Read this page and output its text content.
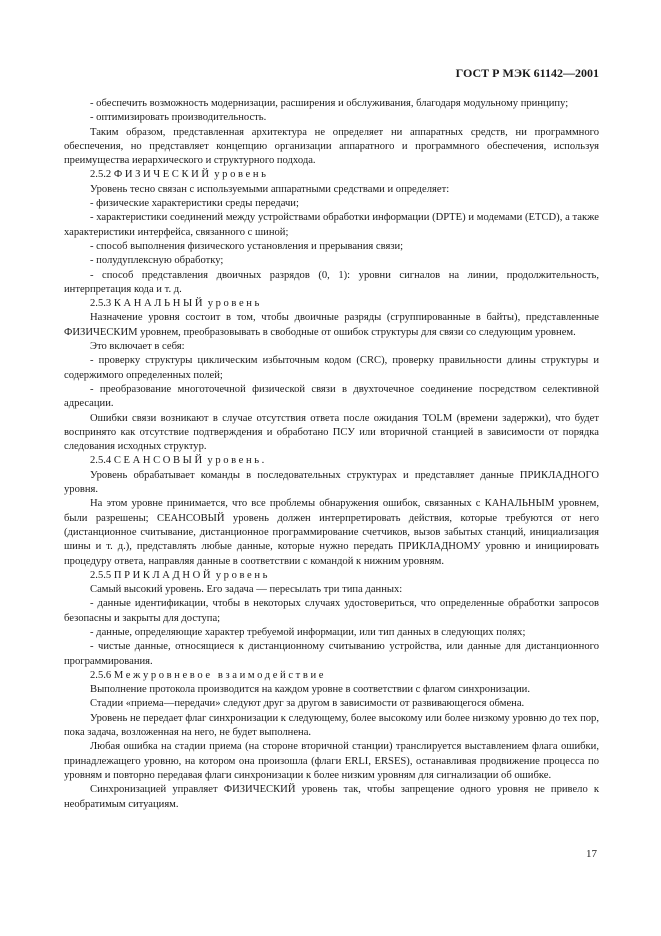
ГОСТ Р МЭК 61142—2001

- обеспечить возможность модернизации, расширения и обслуживания, благодаря модульному принципу;

- оптимизировать производительность.

Таким образом, представленная архитектура не определяет ни аппаратных средств, ни программного обеспечения, но представляет концепцию организации аппаратного и программного обеспечения, используя преимущества иерархического и структурного подхода.

2.5.2 ФИЗИЧЕСКИЙ уровень

Уровень тесно связан с используемыми аппаратными средствами и определяет:

- физические характеристики среды передачи;

- характеристики соединений между устройствами обработки информации (DPTE) и модемами (ETCD), а также характеристики интерфейса, связанного с шиной;

- способ выполнения физического установления и прерывания связи;

- полудуплексную обработку;

- способ представления двоичных разрядов (0, 1): уровни сигналов на линии, продолжительность, интерпретация кода и т. д.

2.5.3 КАНАЛЬНЫЙ уровень

Назначение уровня состоит в том, чтобы двоичные разряды (сгруппированные в байты), представленные ФИЗИЧЕСКИМ уровнем, преобразовывать в свободные от ошибок структуры для связи со следующим уровнем.

Это включает в себя:

- проверку структуры циклическим избыточным кодом (CRC), проверку правильности длины структуры и содержимого определенных полей;

- преобразование многоточечной физической связи в двухточечное соединение посредством селективной адресации.

Ошибки связи возникают в случае отсутствия ответа после ожидания TOLM (времени задержки), что будет воспринято как отсутствие подтверждения и обработано ПСУ или вторичной станцией в зависимости от порядка следования исходных структур.

2.5.4 СЕАНСОВЫЙ уровень.

Уровень обрабатывает команды в последовательных структурах и представляет данные ПРИКЛАДНОГО уровня.

На этом уровне принимается, что все проблемы обнаружения ошибок, связанных с КАНАЛЬНЫМ уровнем, были разрешены; СЕАНСОВЫЙ уровень должен интерпретировать действия, которые требуются от него (дистанционное считывание, дистанционное программирование счетчиков, вызов забытых станций, инициализация шины и т. д.), представлять любые данные, которые нужно передать ПРИКЛАДНОМУ уровню и инициировать процедуру ответа, направляя данные в соответствии с командой к нижним уровням.

2.5.5 ПРИКЛАДНОЙ уровень

Самый высокий уровень. Его задача — пересылать три типа данных:

- данные идентификации, чтобы в некоторых случаях удостовериться, что определенные обработки запросов безопасны и закрыты для доступа;

- данные, определяющие характер требуемой информации, или тип данных в следующих полях;

- чистые данные, относящиеся к дистанционному считыванию устройства, или данные для дистанционного программирования.

2.5.6 Межуровневое взаимодействие

Выполнение протокола производится на каждом уровне в соответствии с флагом синхронизации.

Стадии «приема—передачи» следуют друг за другом в зависимости от развивающегося обмена.

Уровень не передает флаг синхронизации к следующему, более высокому или более низкому уровню до тех пор, пока задача, возложенная на него, не будет выполнена.

Любая ошибка на стадии приема (на стороне вторичной станции) транслируется выставлением флага ошибки, принадлежащего уровню, на котором она произошла (флаги ERLI, ERSES), останавливая продвижение процесса по уровням и повторно передавая флаги синхронизации к более низким уровням для сигнализации об ошибке.

Синхронизацией управляет ФИЗИЧЕСКИЙ уровень так, чтобы запрещение одного уровня не привело к необратимым ситуациям.

17
